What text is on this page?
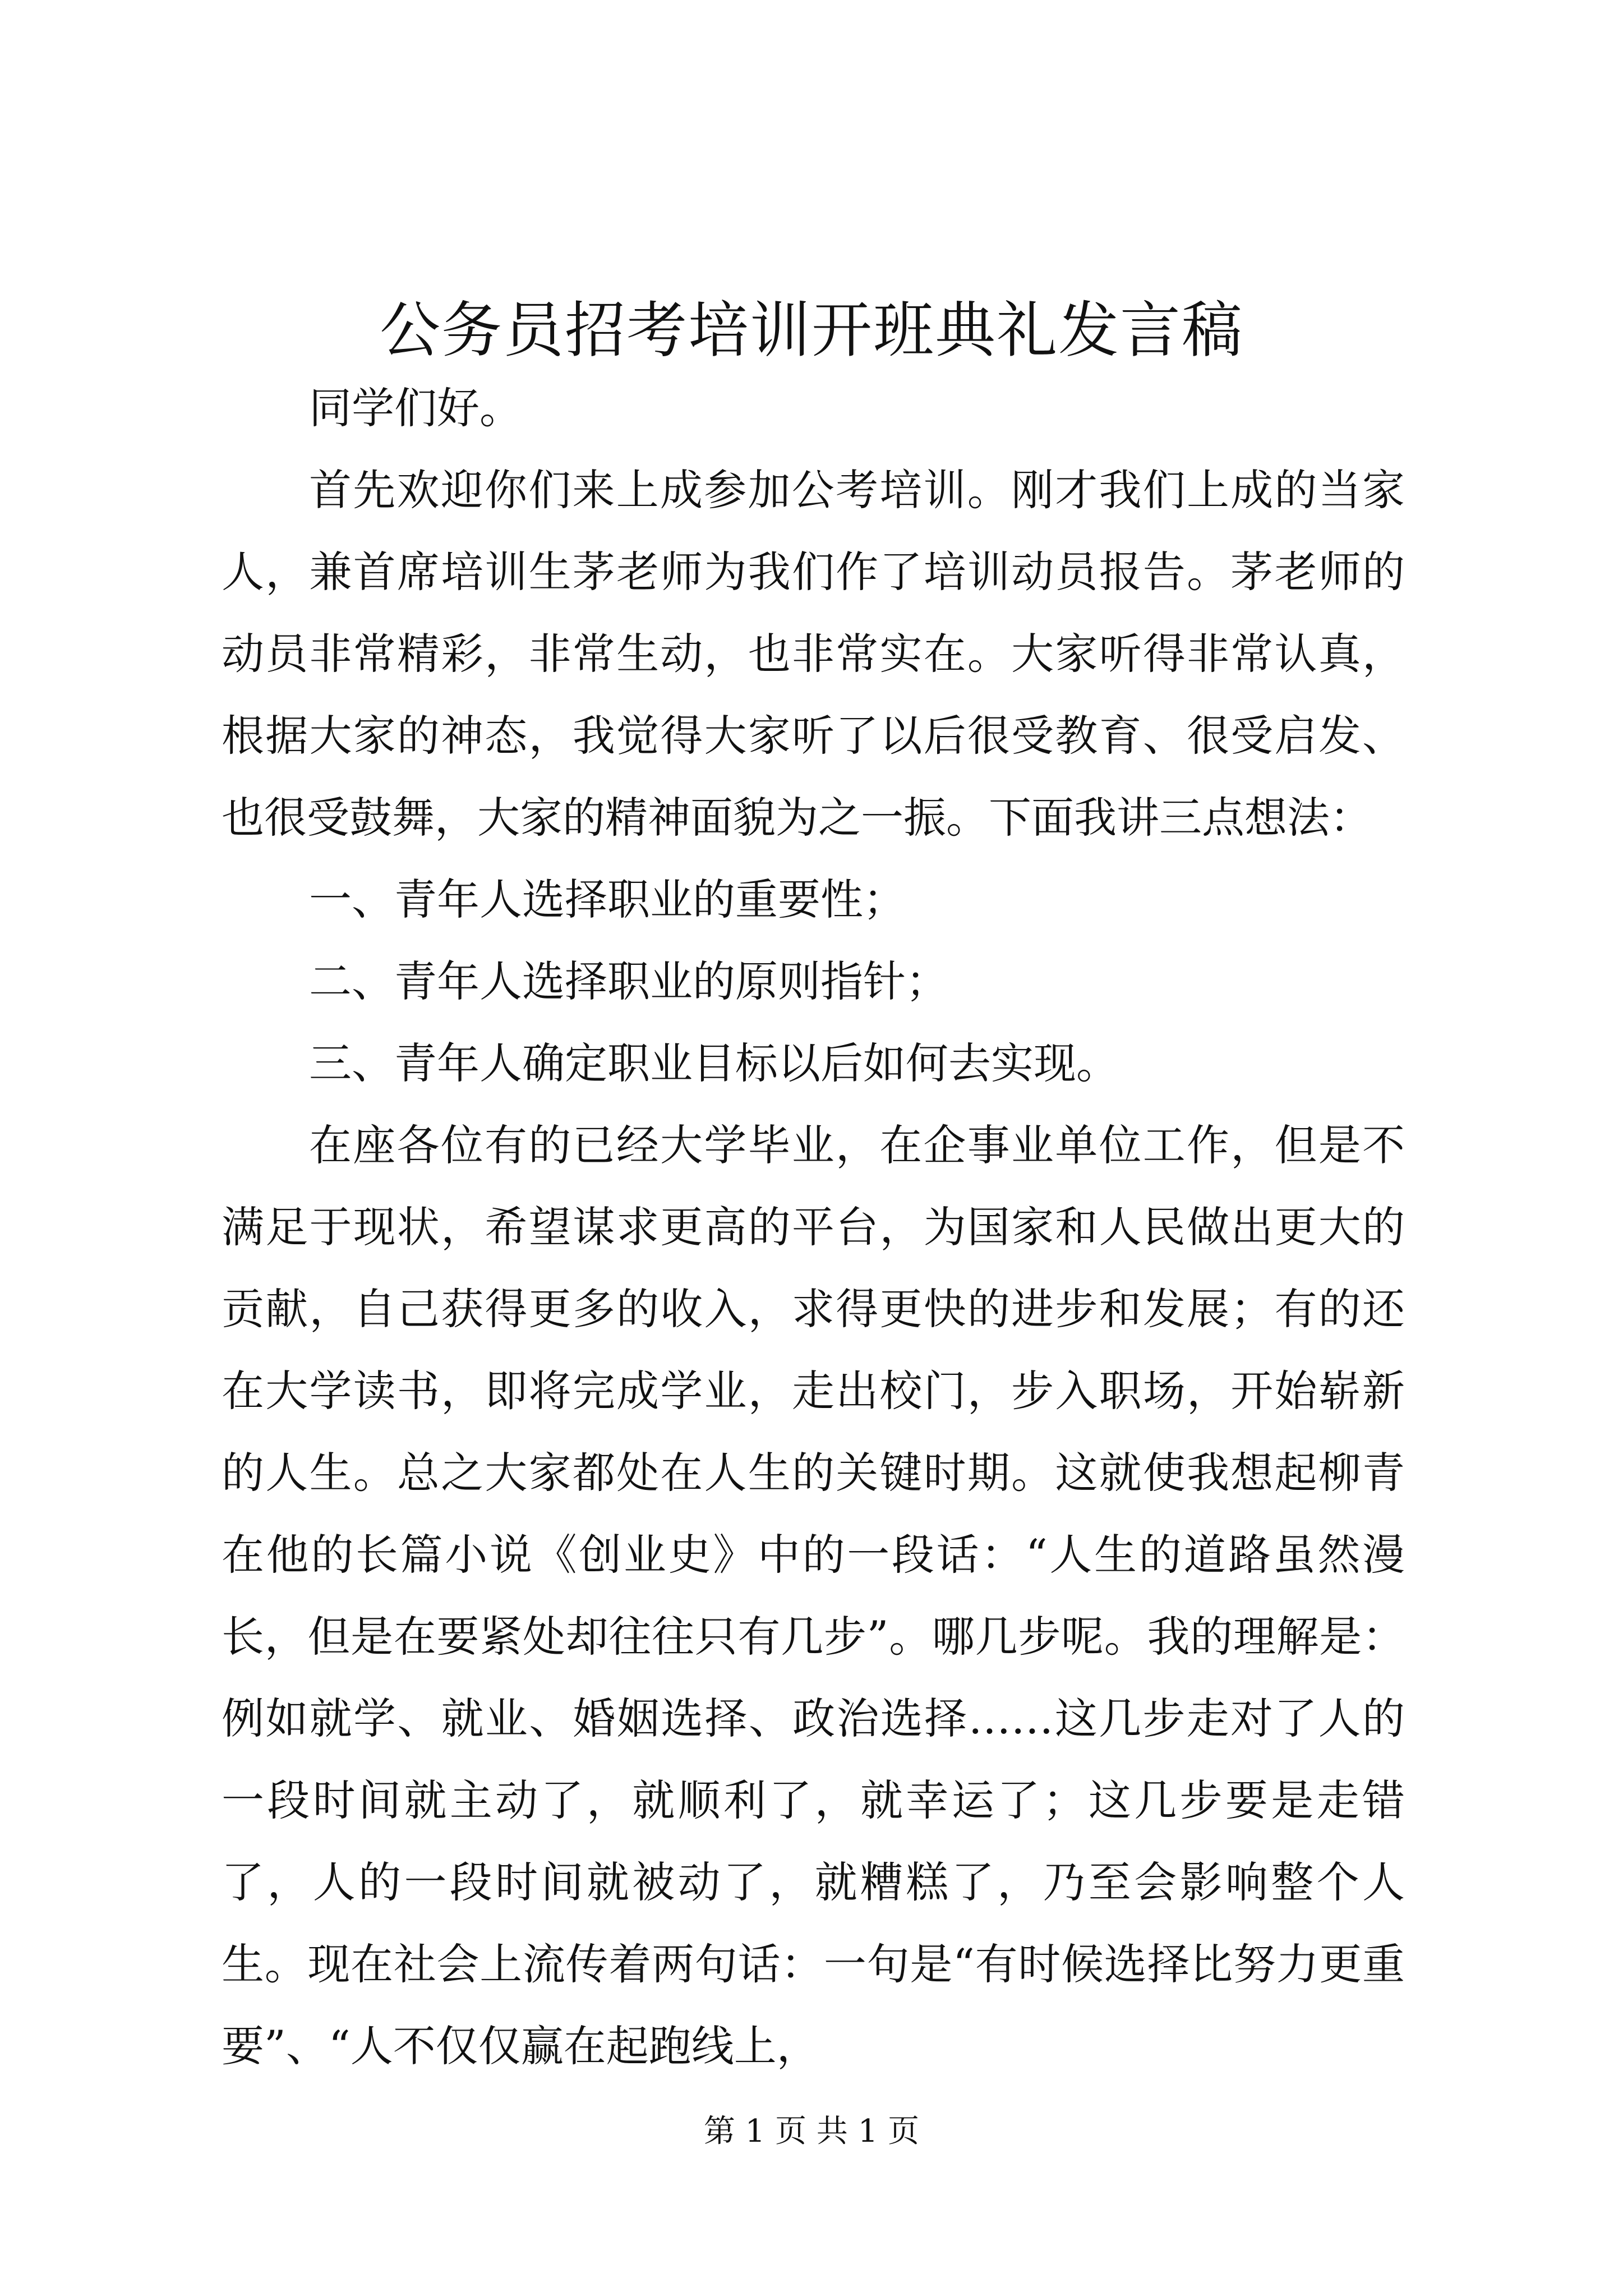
公务员招考培训开班典礼发言稿

同学们好。

首先欢迎你们来上成参加公考培训。刚才我们上成的当家人，兼首席培训生茅老师为我们作了培训动员报告。茅老师的动员非常精彩，非常生动，也非常实在。大家听得非常认真，根据大家的神态，我觉得大家听了以后很受教育、很受启发、也很受鼓舞，大家的精神面貌为之一振。下面我讲三点想法：

一、青年人选择职业的重要性；

二、青年人选择职业的原则指针；

三、青年人确定职业目标以后如何去实现。

在座各位有的已经大学毕业，在企事业单位工作，但是不满足于现状，希望谋求更高的平台，为国家和人民做出更大的贡献，自己获得更多的收入，求得更快的进步和发展；有的还在大学读书，即将完成学业，走出校门，步入职场，开始崭新的人生。总之大家都处在人生的关键时期。这就使我想起柳青在他的长篇小说《创业史》中的一段话：“人生的道路虽然漫长，但是在要紧处却往往只有几步”。哪几步呢。我的理解是：例如就学、就业、婚姻选择、政治选择……这几步走对了人的一段时间就主动了，就顺利了，就幸运了；这几步要是走错了，人的一段时间就被动了，就糟糕了，乃至会影响整个人生。现在社会上流传着两句话：一句是“有时候选择比努力更重要”、“人不仅仅赢在起跑线上，

第 1 页 共 1 页
